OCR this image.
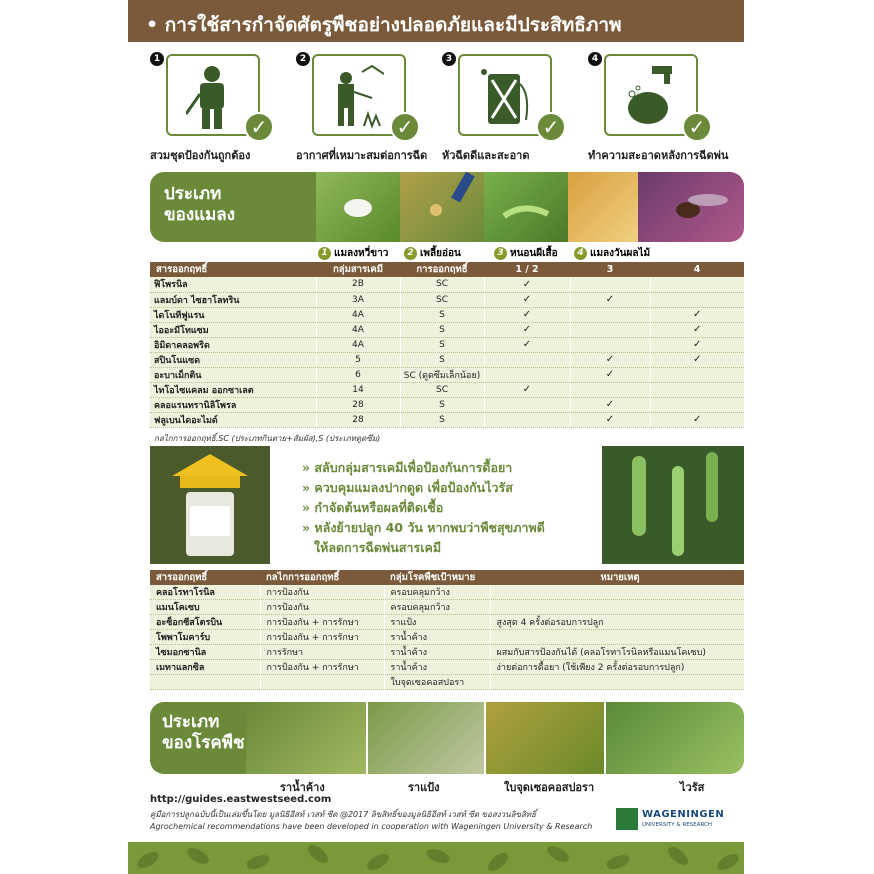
• การใช้สารกำจัดศัตรูพืชอย่างปลอดภัยและมีประสิทธิภาพ
1
✓
สวมชุดป้องกันถูกต้อง
2
✓
อากาศที่เหมาะสมต่อการฉีด
3
✓
หัวฉีดดีและสะอาด
4
✓
ทำความสะอาดหลังการฉีดพ่น
ประเภท
ของแมลง
1 แมลงหวี่ขาว	2 เพลี้ยอ่อน	3 หนอนผีเสื้อ	4 แมลงวันผลไม้
สารออกฤทธิ์	กลุ่มสารเคมี	การออกฤทธิ์	1 / 2	3	4
ฟิโพรนิล	2B	SC	✓		
แลมบ์ดา ไซฮาโลทริน	3A	SC	✓	✓	
ไดโนทีฟูแรน	4A	S	✓		✓
ไออะมีโทแซม	4A	S	✓		✓
อิมิดาคลอพริด	4A	S	✓		✓
สปินโนแซด	5	S		✓	✓
อะบาเม็กติน	6	SC (ดูดซึมเล็กน้อย)		✓	
ไทโอไซแคลม ออกซาเลต	14	SC	✓		
คลอแรนทรานิลิโพรล	28	S		✓	
ฟลูเบนไดอะไมด์	28	S		✓	✓
กลไกการออกฤทธิ์.SC (ประเภทกินตาย+สัมผัส),S (ประเภทดูดซึม)
» สลับกลุ่มสารเคมีเพื่อป้องกันการดื้อยา
» ควบคุมแมลงปากดูด เพื่อป้องกันไวรัส
» กำจัดต้นหรือผลที่ติดเชื้อ
» หลังย้ายปลูก 40 วัน หากพบว่าพืชสุขภาพดี
ให้ลดการฉีดพ่นสารเคมี
สารออกฤทธิ์	กลไกการออกฤทธิ์	กลุ่มโรคพืชเป้าหมาย	หมายเหตุ
คลอโรทาโรนิล	การป้องกัน	ครอบคลุมกว้าง	
แมนโคเซบ	การป้องกัน	ครอบคลุมกว้าง	
อะซ็อกซีสโตรบิน	การป้องกัน + การรักษา	ราแป้ง	สูงสุด 4 ครั้งต่อรอบการปลูก
โพพาโมคาร์บ	การป้องกัน + การรักษา	ราน้ำค้าง	
ไซมอกซานิล	การรักษา	ราน้ำค้าง	ผสมกับสารป้องกันได้ (คลอโรทาโรนิลหรือแมนโคเซบ)
เมทาแลกซิล	การป้องกัน + การรักษา	ราน้ำค้าง	ง่ายต่อการดื้อยา (ใช้เพียง 2 ครั้งต่อรอบการปลูก)
		ใบจุดเซอคอสปอรา	
ประเภท
ของโรคพืช
ราน้ำค้าง	ราแป้ง	ใบจุดเซอคอสปอรา	ไวรัส
http://guides.eastwestseed.com
คู่มือการปลูกฉบับนี้เป็นเล่มขึ้นโดย มูลนิธิอีสท์ เวสท์ ซีด @2017 ลิขสิทธิ์ของมูลนิธิอีสท์ เวสท์ ซีด ขอสงวนลิขสิทธิ์
Agrochemical recommendations have been developed in cooperation with Wageningen University & Research
WAGENINGEN
UNIVERSITY & RESEARCH
